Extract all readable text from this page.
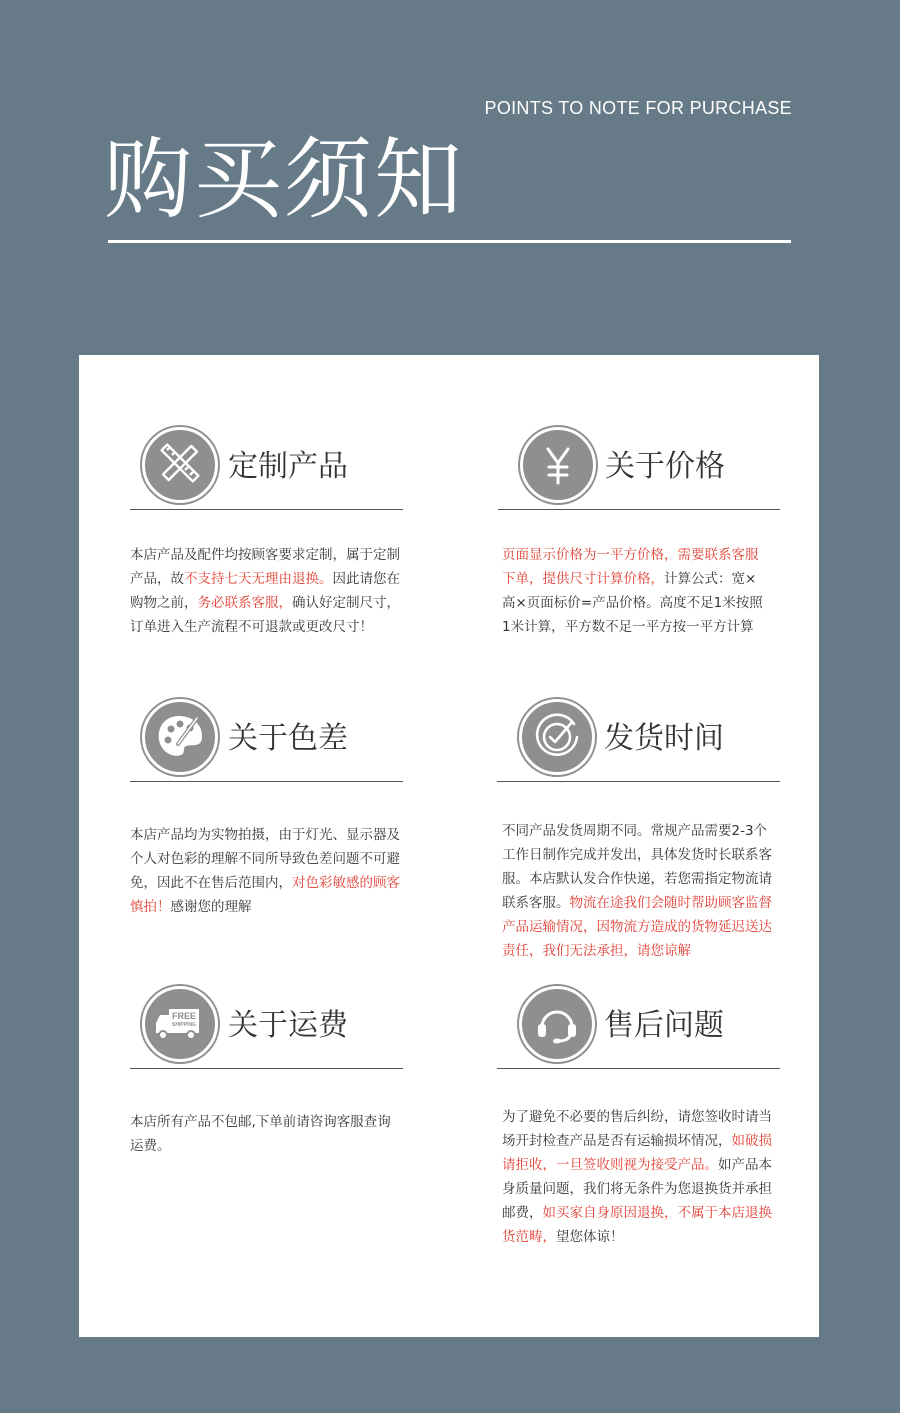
POINTS TO NOTE FOR PURCHASE
购买须知
定制产品
本店产品及配件均按顾客要求定制，属于定制产品，故不支持七天无理由退换。因此请您在购物之前，务必联系客服，确认好定制尺寸，订单进入生产流程不可退款或更改尺寸！
关于价格
页面显示价格为一平方价格，需要联系客服下单，提供尺寸计算价格，计算公式：宽×高×页面标价=产品价格。高度不足1米按照1米计算，平方数不足一平方按一平方计算
关于色差
本店产品均为实物拍摄，由于灯光、显示器及个人对色彩的理解不同所导致色差问题不可避免，因此不在售后范围内，对色彩敏感的顾客慎拍！感谢您的理解
发货时间
不同产品发货周期不同。常规产品需要2-3个工作日制作完成并发出，具体发货时长联系客服。本店默认发合作快递，若您需指定物流请联系客服。物流在途我们会随时帮助顾客监督产品运输情况，因物流方造成的货物延迟送达责任，我们无法承担，请您谅解
FREE
SHIPPING 关于运费
本店所有产品不包邮,下单前请咨询客服查询运费。
售后问题
为了避免不必要的售后纠纷，请您签收时请当场开封检查产品是否有运输损坏情况，如破损请拒收，一旦签收则视为接受产品。如产品本身质量问题，我们将无条件为您退换货并承担邮费，如买家自身原因退换，不属于本店退换货范畴，望您体谅！
